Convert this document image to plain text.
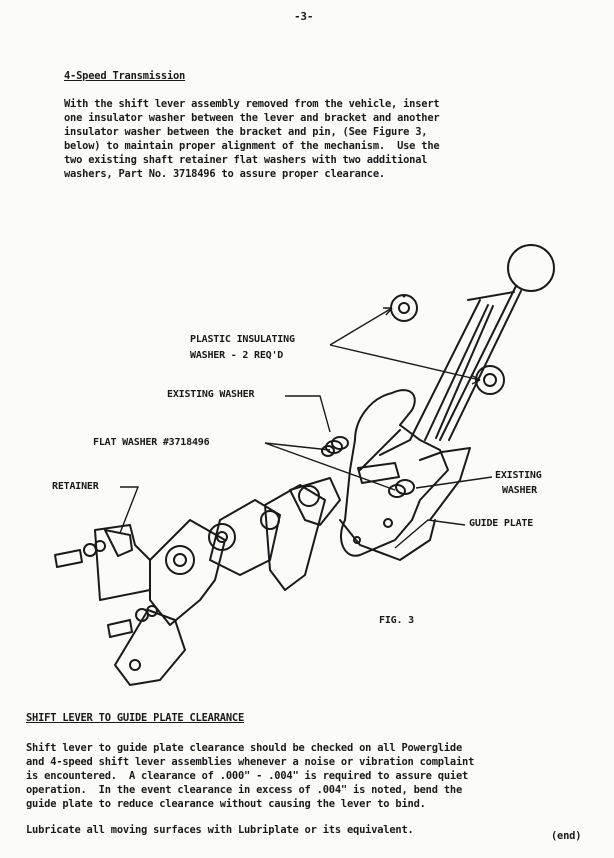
-3-
4-Speed Transmission
With the shift lever assembly removed from the vehicle, insert
one insulator washer between the lever and bracket and another
insulator washer between the bracket and pin, (See Figure 3,
below) to maintain proper alignment of the mechanism.  Use the
two existing shaft retainer flat washers with two additional
washers, Part No. 3718496 to assure proper clearance.
PLASTIC INSULATING
WASHER - 2 REQ'D
EXISTING WASHER
FLAT WASHER #3718496
RETAINER
EXISTING
WASHER
GUIDE PLATE
FIG. 3
SHIFT LEVER TO GUIDE PLATE CLEARANCE
Shift lever to guide plate clearance should be checked on all Powerglide
and 4-speed shift lever assemblies whenever a noise or vibration complaint
is encountered.  A clearance of .000" - .004" is required to assure quiet
operation.  In the event clearance in excess of .004" is noted, bend the
guide plate to reduce clearance without causing the lever to bind.
Lubricate all moving surfaces with Lubriplate or its equivalent.	(end)
